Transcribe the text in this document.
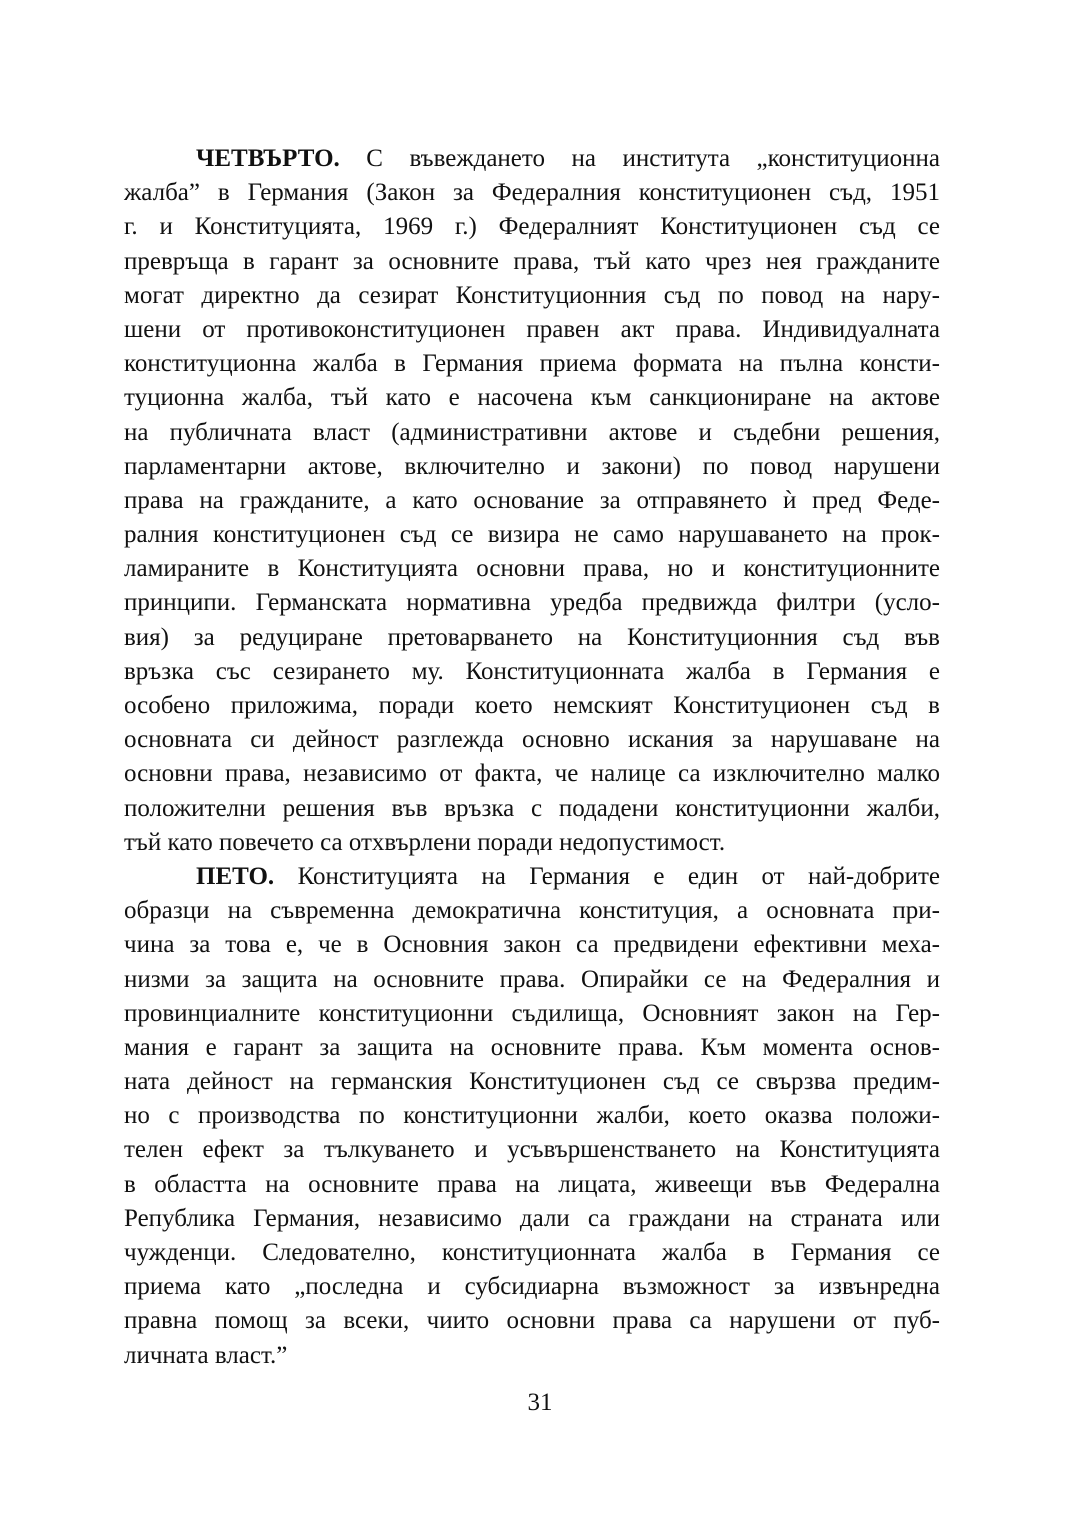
ЧЕТВЪРТО. С въвеждането на института „конституционна
жалба” в Германия (Закон за Федералния конституционен съд, 1951
г. и Конституцията, 1969 г.) Федералният Конституционен съд се
превръща в гарант за основните права, тъй като чрез нея гражданите
могат директно да сезират Конституционния съд по повод на нару-
шени от противоконституционен правен акт права. Индивидуалната
конституционна жалба в Германия приема формата на пълна консти-
туционна жалба, тъй като е насочена към санкциониране на актове
на публичната власт (административни актове и съдебни решения,
парламентарни актове, включително и закони) по повод нарушени
права на гражданите, а като основание за отправянето ѝ пред Феде-
ралния конституционен съд се визира не само нарушаването на прок-
ламираните в Конституцията основни права, но и конституционните
принципи. Германската нормативна уредба предвижда филтри (усло-
вия) за редуциране претоварването на Конституционния съд във
връзка със сезирането му. Конституционната жалба в Германия е
особено приложима, поради което немският Конституционен съд в
основната си дейност разглежда основно искания за нарушаване на
основни права, независимо от факта, че налице са изключително малко
положителни решения във връзка с подадени конституционни жалби,
тъй като повечето са отхвърлени поради недопустимост.
ПЕТО. Конституцията на Германия е един от най-добрите
образци на съвременна демократична конституция, а основната при-
чина за това е, че в Основния закон са предвидени ефективни меха-
низми за защита на основните права. Опирайки се на Федералния и
провинциалните конституционни съдилища, Основният закон на Гер-
мания е гарант за защита на основните права. Към момента основ-
ната дейност на германския Конституционен съд се свързва предим-
но с производства по конституционни жалби, което оказва положи-
телен ефект за тълкуването и усъвършенстването на Конституцията
в областта на основните права на лицата, живеещи във Федерална
Република Германия, независимо дали са граждани на страната или
чужденци. Следователно, конституционната жалба в Германия се
приема като „последна и субсидиарна възможност за извънредна
правна помощ за всеки, чиито основни права са нарушени от пуб-
личната власт.”
31
